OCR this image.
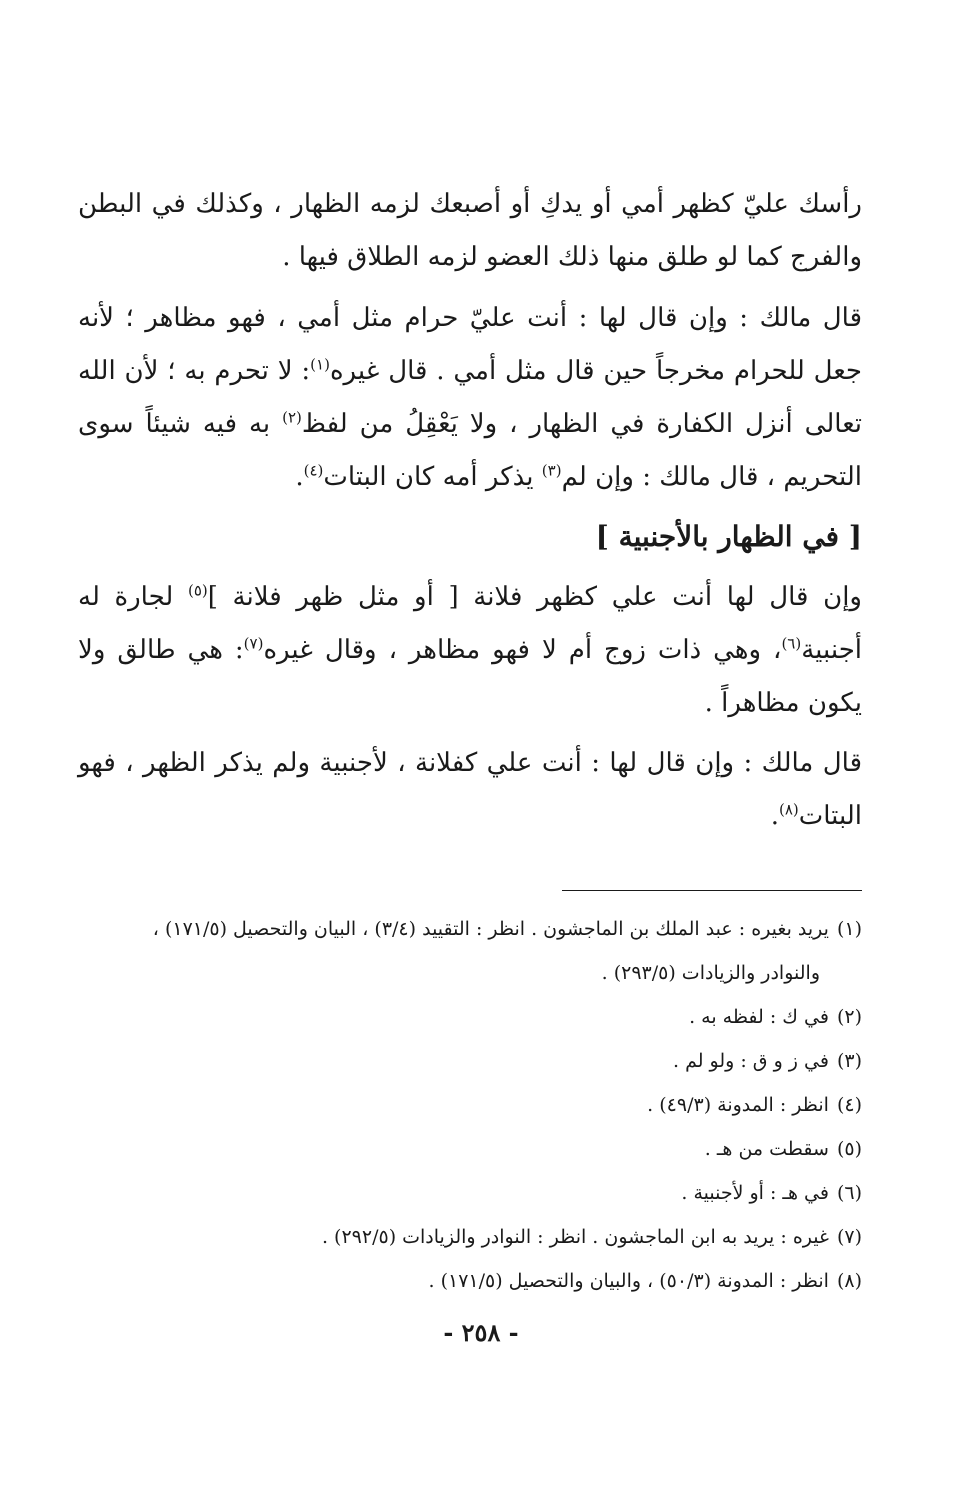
رأسك عليّ كظهر أمي أو يدكِ أو أصبعك لزمه الظهار ، وكذلك في البطن والفرج كما لو طلق منها ذلك العضو لزمه الطلاق فيها .

قال مالك : وإن قال لها : أنت عليّ حرام مثل أمي ، فهو مظاهر ؛ لأنه جعل للحرام مخرجاً حين قال مثل أمي . قال غيره$^{(١)}$: لا تحرم به ؛ لأن الله تعالى أنزل الكفارة في الظهار ، ولا يَعْقِلُ من لفظ$^{(٢)}$ به فيه شيئاً سوى التحريم ، قال مالك : وإن لم$^{(٣)}$ يذكر أمه كان البتات$^{(٤)}$.

[ في الظهار بالأجنبية ]

وإن قال لها أنت علي كظهر فلانة [ أو مثل ظهر فلانة ]$^{(٥)}$ لجارة له أجنبية$^{(٦)}$، وهي ذات زوج أم لا فهو مظاهر ، وقال غيره$^{(٧)}$: هي طالق ولا يكون مظاهراً .

قال مالك : وإن قال لها : أنت علي كفلانة ، لأجنبية ولم يذكر الظهر ، فهو البتات$^{(٨)}$.

(١)يريد بغيره : عبد الملك بن الماجشون . انظر : التقييد (٣/٤) ، البيان والتحصيل (١٧١/٥) ،
والنوادر والزيادات (٢٩٣/٥) .

(٢)في ك : لفظه به .

(٣)في ز و ق : ولو لم .

(٤)انظر : المدونة (٤٩/٣) .

(٥)سقطت من هـ .

(٦)في هـ : أو لأجنبية .

(٧)غيره : يريد به ابن الماجشون . انظر : النوادر والزيادات (٢٩٢/٥) .

(٨)انظر : المدونة (٥٠/٣) ، والبيان والتحصيل (١٧١/٥) .

- ٢٥٨ -
